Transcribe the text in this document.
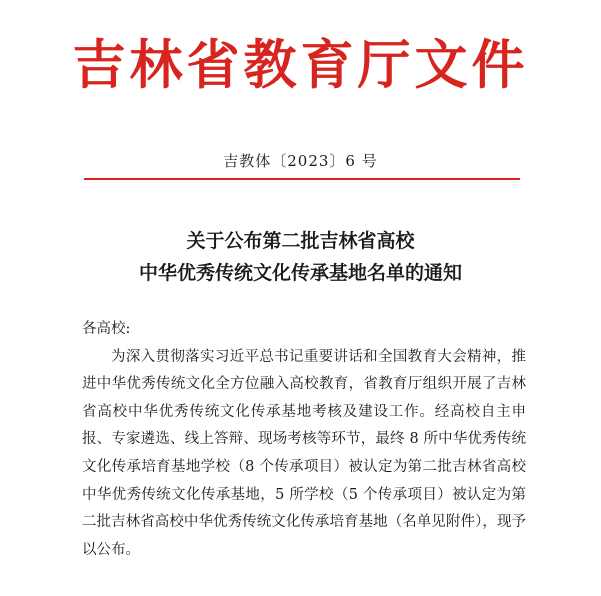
吉林省教育厅文件
吉教体〔2023〕6 号
关于公布第二批吉林省高校
中华优秀传统文化传承基地名单的通知
各高校:
为深入贯彻落实习近平总书记重要讲话和全国教育大会精神，推进中华优秀传统文化全方位融入高校教育，省教育厅组织开展了吉林省高校中华优秀传统文化传承基地考核及建设工作。经高校自主申报、专家遴选、线上答辩、现场考核等环节，最终 8 所中华优秀传统文化传承培育基地学校（8 个传承项目）被认定为第二批吉林省高校中华优秀传统文化传承基地，5 所学校（5 个传承项目）被认定为第二批吉林省高校中华优秀传统文化传承培育基地（名单见附件），现予以公布。
